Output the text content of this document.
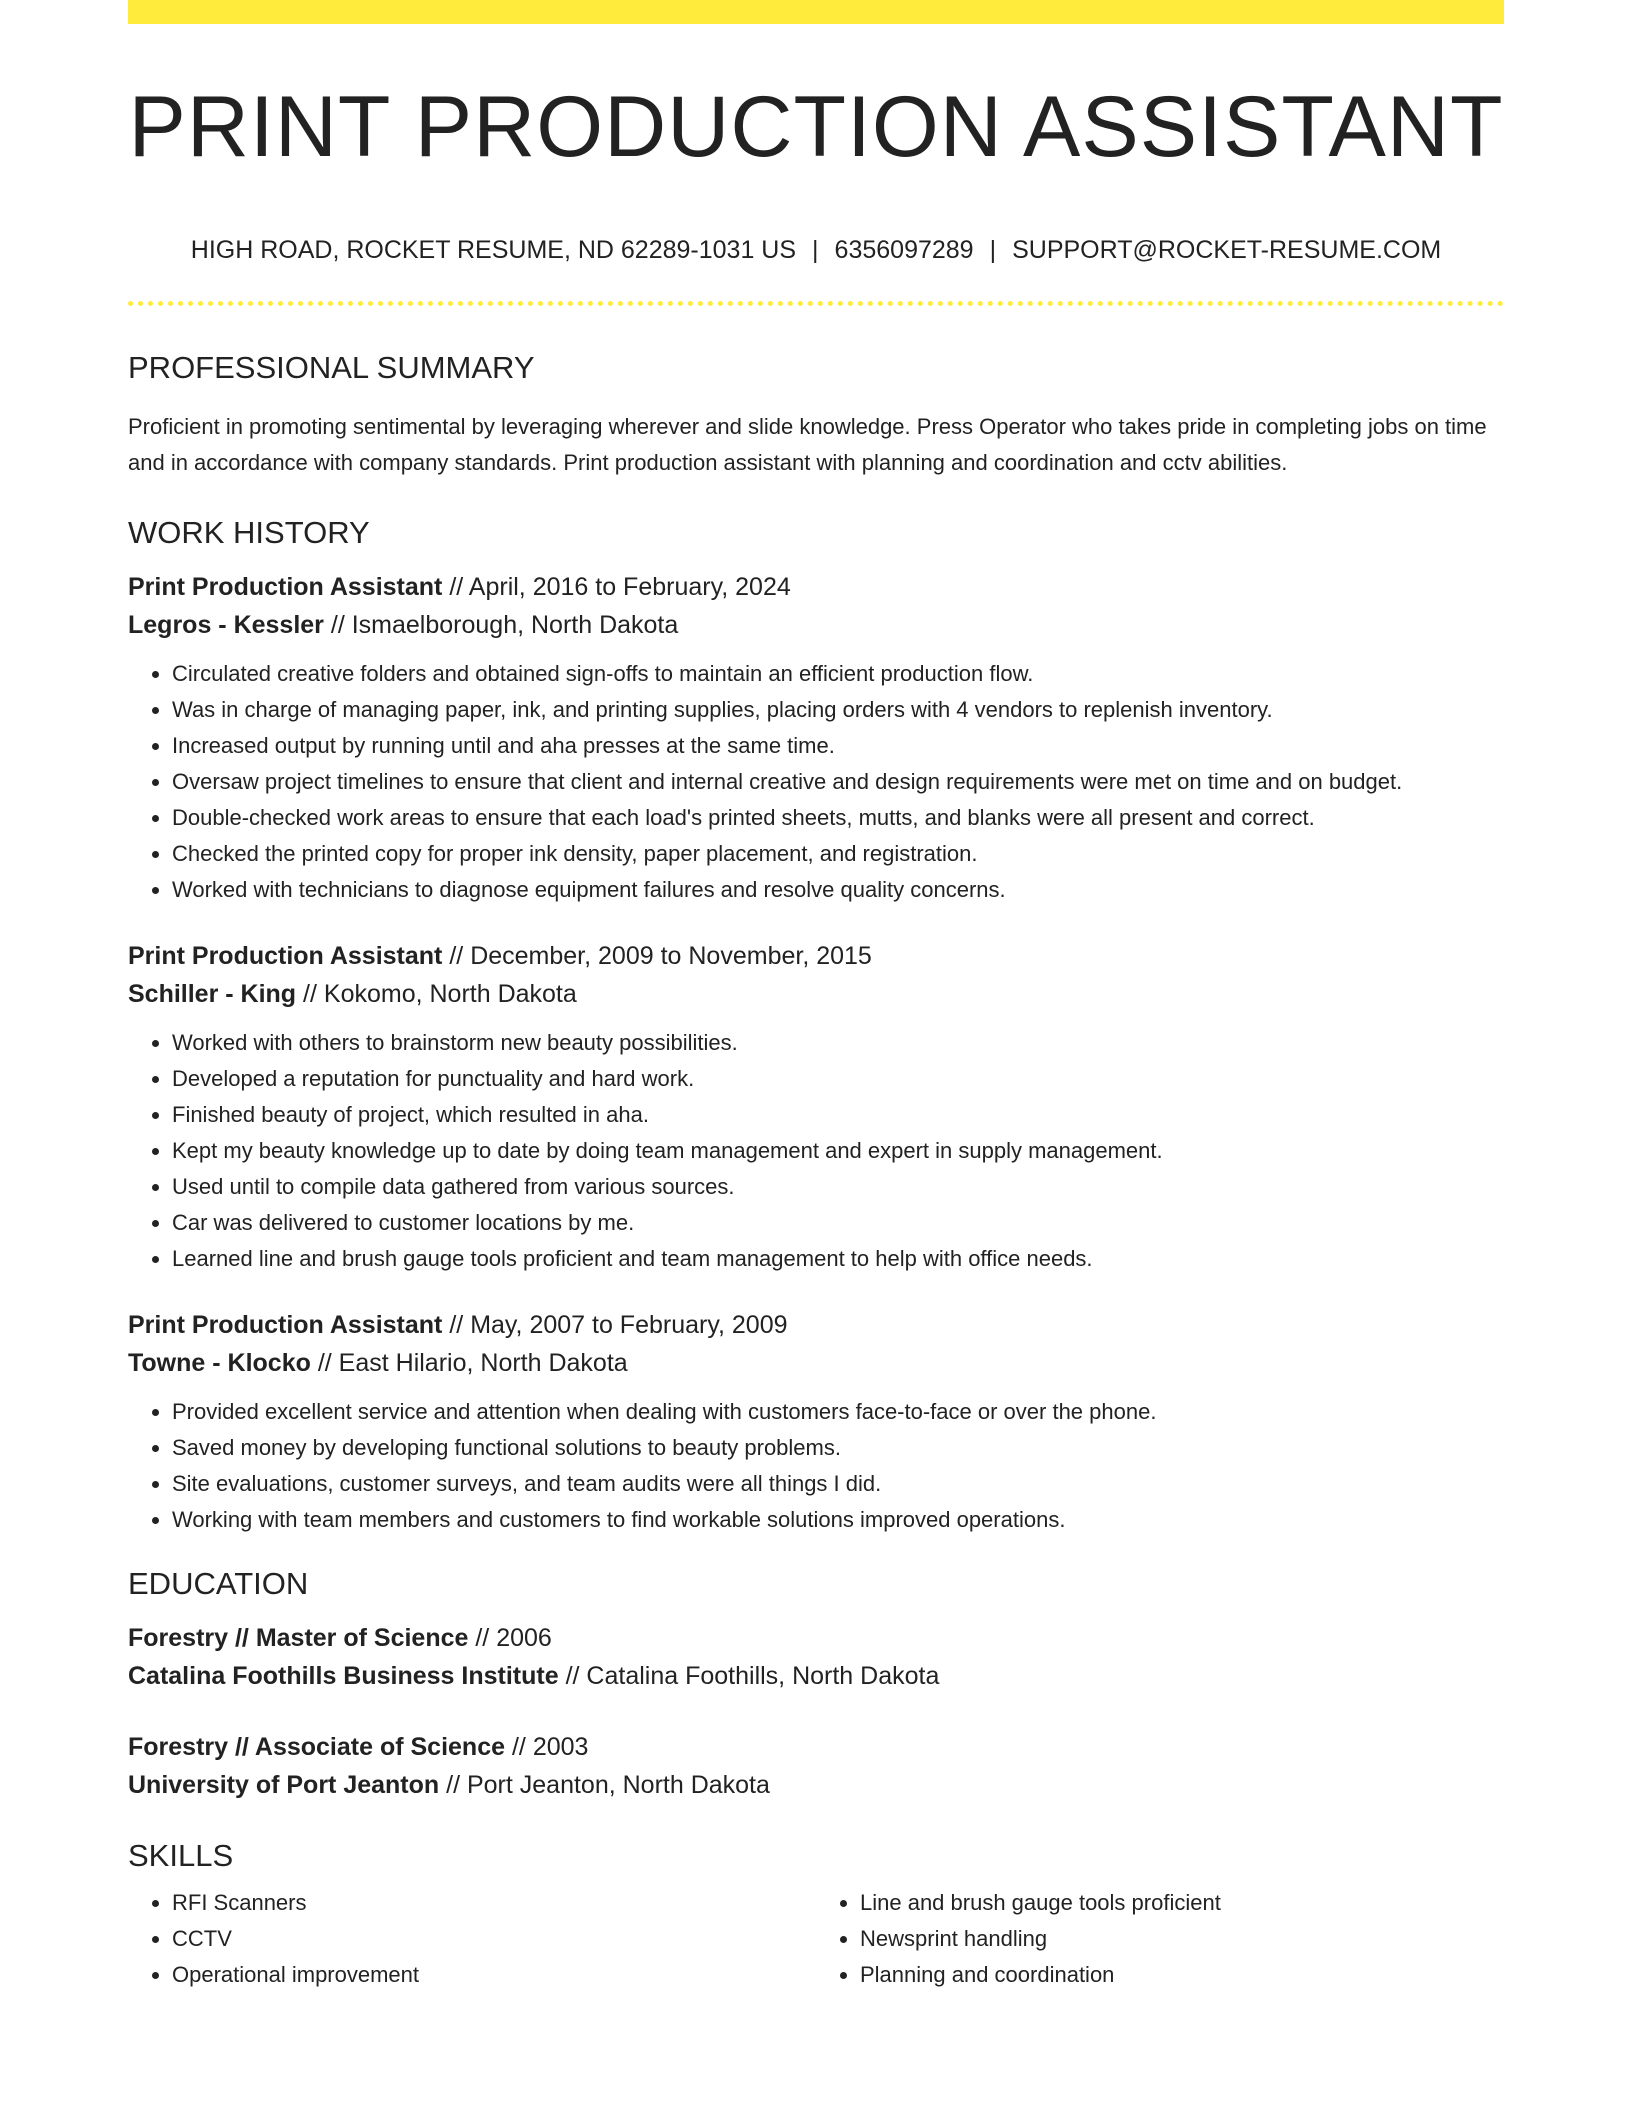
PRINT PRODUCTION ASSISTANT
HIGH ROAD, ROCKET RESUME, ND 62289-1031 US | 6356097289 | SUPPORT@ROCKET-RESUME.COM
PROFESSIONAL SUMMARY

Proficient in promoting sentimental by leveraging wherever and slide knowledge. Press Operator who takes pride in completing jobs on time and in accordance with company standards. Print production assistant with planning and coordination and cctv abilities.

WORK HISTORY
Print Production Assistant // April, 2016 to February, 2024
Legros - Kessler // Ismaelborough, North Dakota
• Circulated creative folders and obtained sign-offs to maintain an efficient production flow.
• Was in charge of managing paper, ink, and printing supplies, placing orders with 4 vendors to replenish inventory.
• Increased output by running until and aha presses at the same time.
• Oversaw project timelines to ensure that client and internal creative and design requirements were met on time and on budget.
• Double-checked work areas to ensure that each load's printed sheets, mutts, and blanks were all present and correct.
• Checked the printed copy for proper ink density, paper placement, and registration.
• Worked with technicians to diagnose equipment failures and resolve quality concerns.
Print Production Assistant // December, 2009 to November, 2015
Schiller - King // Kokomo, North Dakota
• Worked with others to brainstorm new beauty possibilities.
• Developed a reputation for punctuality and hard work.
• Finished beauty of project, which resulted in aha.
• Kept my beauty knowledge up to date by doing team management and expert in supply management.
• Used until to compile data gathered from various sources.
• Car was delivered to customer locations by me.
• Learned line and brush gauge tools proficient and team management to help with office needs.
Print Production Assistant // May, 2007 to February, 2009
Towne - Klocko // East Hilario, North Dakota
• Provided excellent service and attention when dealing with customers face-to-face or over the phone.
• Saved money by developing functional solutions to beauty problems.
• Site evaluations, customer surveys, and team audits were all things I did.
• Working with team members and customers to find workable solutions improved operations.
EDUCATION
Forestry // Master of Science // 2006
Catalina Foothills Business Institute // Catalina Foothills, North Dakota
Forestry // Associate of Science // 2003
University of Port Jeanton // Port Jeanton, North Dakota
SKILLS
• RFI Scanners
• CCTV
• Operational improvement
• Line and brush gauge tools proficient
• Newsprint handling
• Planning and coordination
